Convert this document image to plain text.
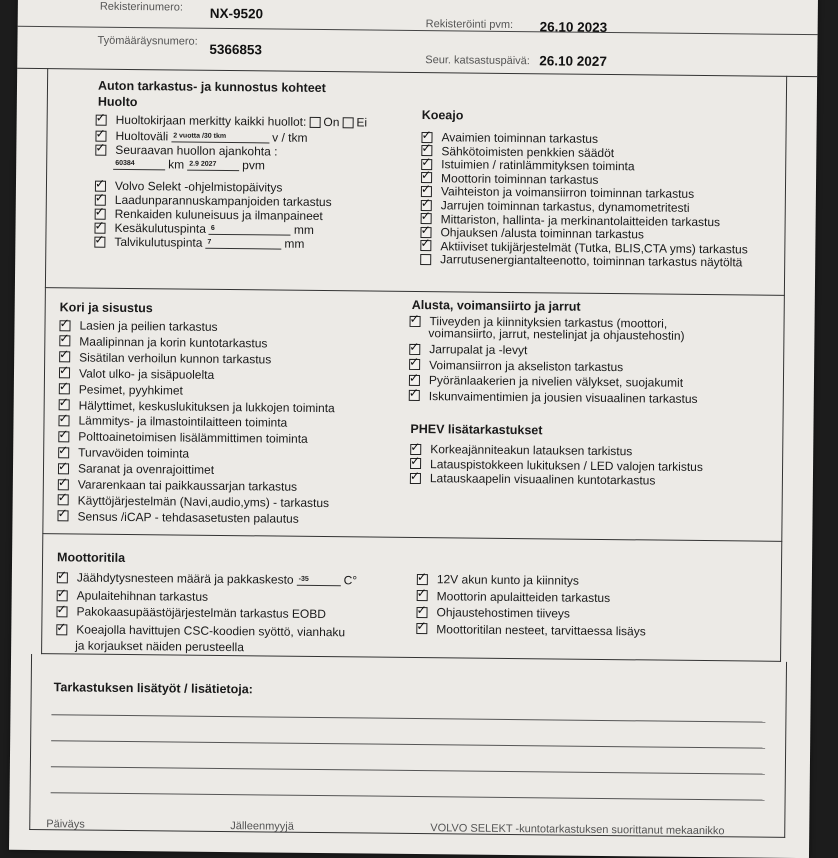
Rekisterinumero: NX-9520
Rekisteröinti pvm: 26.10 2023
Työmääräysnumero:
5366853
Seur. katsastuspäivä: 26.10 2027
Auton tarkastus- ja kunnostus kohteet
Huolto
✓
Huoltokirjaan merkitty kaikki huollot: On Ei
✓
Huoltoväli 2 vuotta /30 tkm	v / tkm
✓
Seuraavan huollon ajankohta :
60384	km 2.9 2027	pvm
✓
Volvo Selekt -ohjelmistopäivitys
✓
Laadunparannuskampanjoiden tarkastus
✓
Renkaiden kuluneisuus ja ilmanpaineet
✓
Kesäkulutuspinta 6	mm
✓
Talvikulutuspinta 7	mm
Koeajo
✓
Avaimien toiminnan tarkastus
✓
Sähkötoimisten penkkien säädöt
✓
Istuimien / ratinlämmityksen toiminta
✓
Moottorin toiminnan tarkastus
✓
Vaihteiston ja voimansiirron toiminnan tarkastus
✓
Jarrujen toiminnan tarkastus, dynamometritesti
✓
Mittariston, hallinta- ja merkinantolaitteiden tarkastus
✓
Ohjauksen /alusta toiminnan tarkastus
✓
Aktiiviset tukijärjestelmät (Tutka, BLIS,CTA yms) tarkastus
Jarrutusenergiantalteenotto, toiminnan tarkastus näytöltä
Kori ja sisustus
✓
Lasien ja peilien tarkastus
✓
Maalipinnan ja korin kuntotarkastus
✓
Sisätilan verhoilun kunnon tarkastus
✓
Valot ulko- ja sisäpuolelta
✓
Pesimet, pyyhkimet
✓
Hälyttimet, keskuslukituksen ja lukkojen toiminta
✓
Lämmitys- ja ilmastointilaitteen toiminta
✓
Polttoainetoimisen lisälämmittimen toiminta
✓
Turvavöiden toiminta
✓
Saranat ja ovenrajoittimet
✓
Vararenkaan tai paikkaussarjan tarkastus
✓
Käyttöjärjestelmän (Navi,audio,yms) - tarkastus
✓
Sensus /iCAP - tehdasasetusten palautus
Alusta, voimansiirto ja jarrut
✓
Tiiveyden ja kiinnityksien tarkastus (moottori,
voimansiirto, jarrut, nestelinjat ja ohjaustehostin)
✓
Jarrupalat ja -levyt
✓
Voimansiirron ja akseliston tarkastus
✓
Pyöränlaakerien ja nivelien välykset, suojakumit
✓
Iskunvaimentimien ja jousien visuaalinen tarkastus
PHEV lisätarkastukset
✓
Korkeajänniteakun latauksen tarkistus
✓
Latauspistokkeen lukituksen / LED valojen tarkistus
✓
Latauskaapelin visuaalinen kuntotarkastus
Moottoritila
✓
Jäähdytysnesteen määrä ja pakkaskesto -35	C°
✓
Apulaitehihnan tarkastus
✓
Pakokaasupäästöjärjestelmän tarkastus EOBD
✓
Koeajolla havittujen CSC-koodien syöttö, vianhaku
ja korjaukset näiden perusteella
✓
12V akun kunto ja kiinnitys
✓
Moottorin apulaitteiden tarkastus
✓
Ohjaustehostimen tiiveys
✓
Moottoritilan nesteet, tarvittaessa lisäys
Tarkastuksen lisätyöt / lisätietoja:
Päiväys	Jälleenmyyjä	VOLVO SELEKT -kuntotarkastuksen suorittanut mekaanikko
